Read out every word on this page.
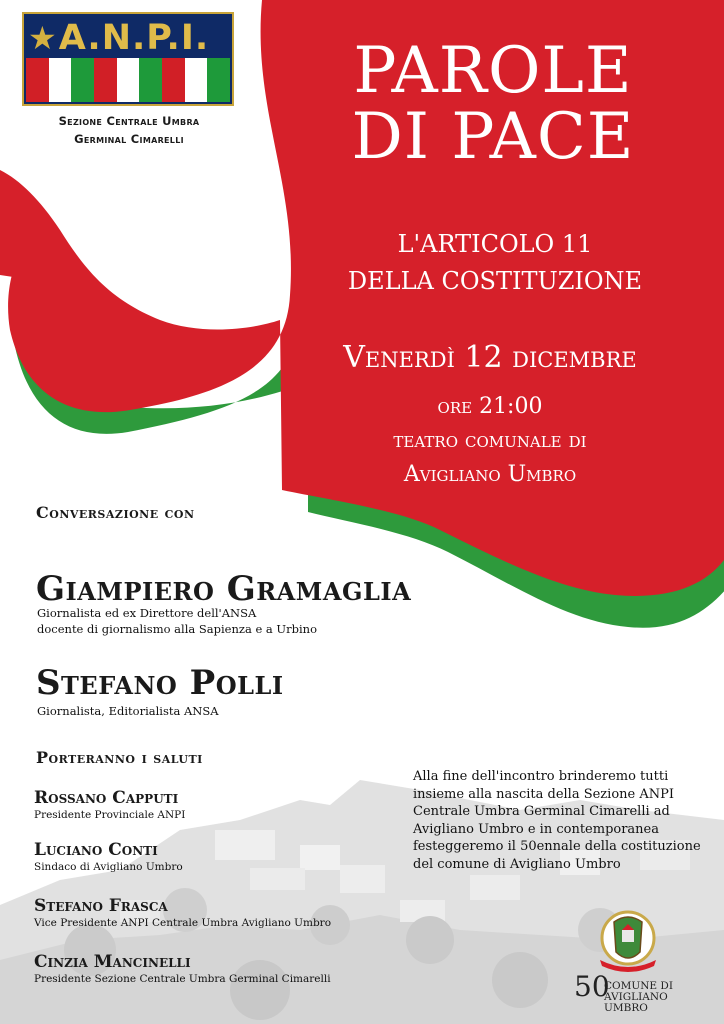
★ A.N.P.I.
Sezione Centrale Umbra
Germinal Cimarelli
PAROLE
DI PACE
L'ARTICOLO 11
DELLA COSTITUZIONE
Venerdì 12 dicembre
ore 21:00
teatro comunale di
Avigliano Umbro
Conversazione con
Giampiero Gramaglia
Giornalista ed ex Direttore dell'ANSA
docente di giornalismo alla Sapienza e a Urbino
Stefano Polli
Giornalista, Editorialista ANSA
Porteranno i saluti
Rossano Capputi
Presidente Provinciale ANPI
Luciano Conti
Sindaco di Avigliano Umbro
Stefano Frasca
Vice Presidente ANPI Centrale Umbra Avigliano Umbro
Cinzia Mancinelli
Presidente Sezione Centrale Umbra Germinal Cimarelli
Alla fine dell'incontro brinderemo tutti insieme alla nascita della Sezione ANPI Centrale Umbra Germinal Cimarelli ad Avigliano Umbro e in contemporanea festeggeremo il 50ennale della costituzione del comune di Avigliano Umbro
50
COMUNE DI
AVIGLIANO UMBRO
